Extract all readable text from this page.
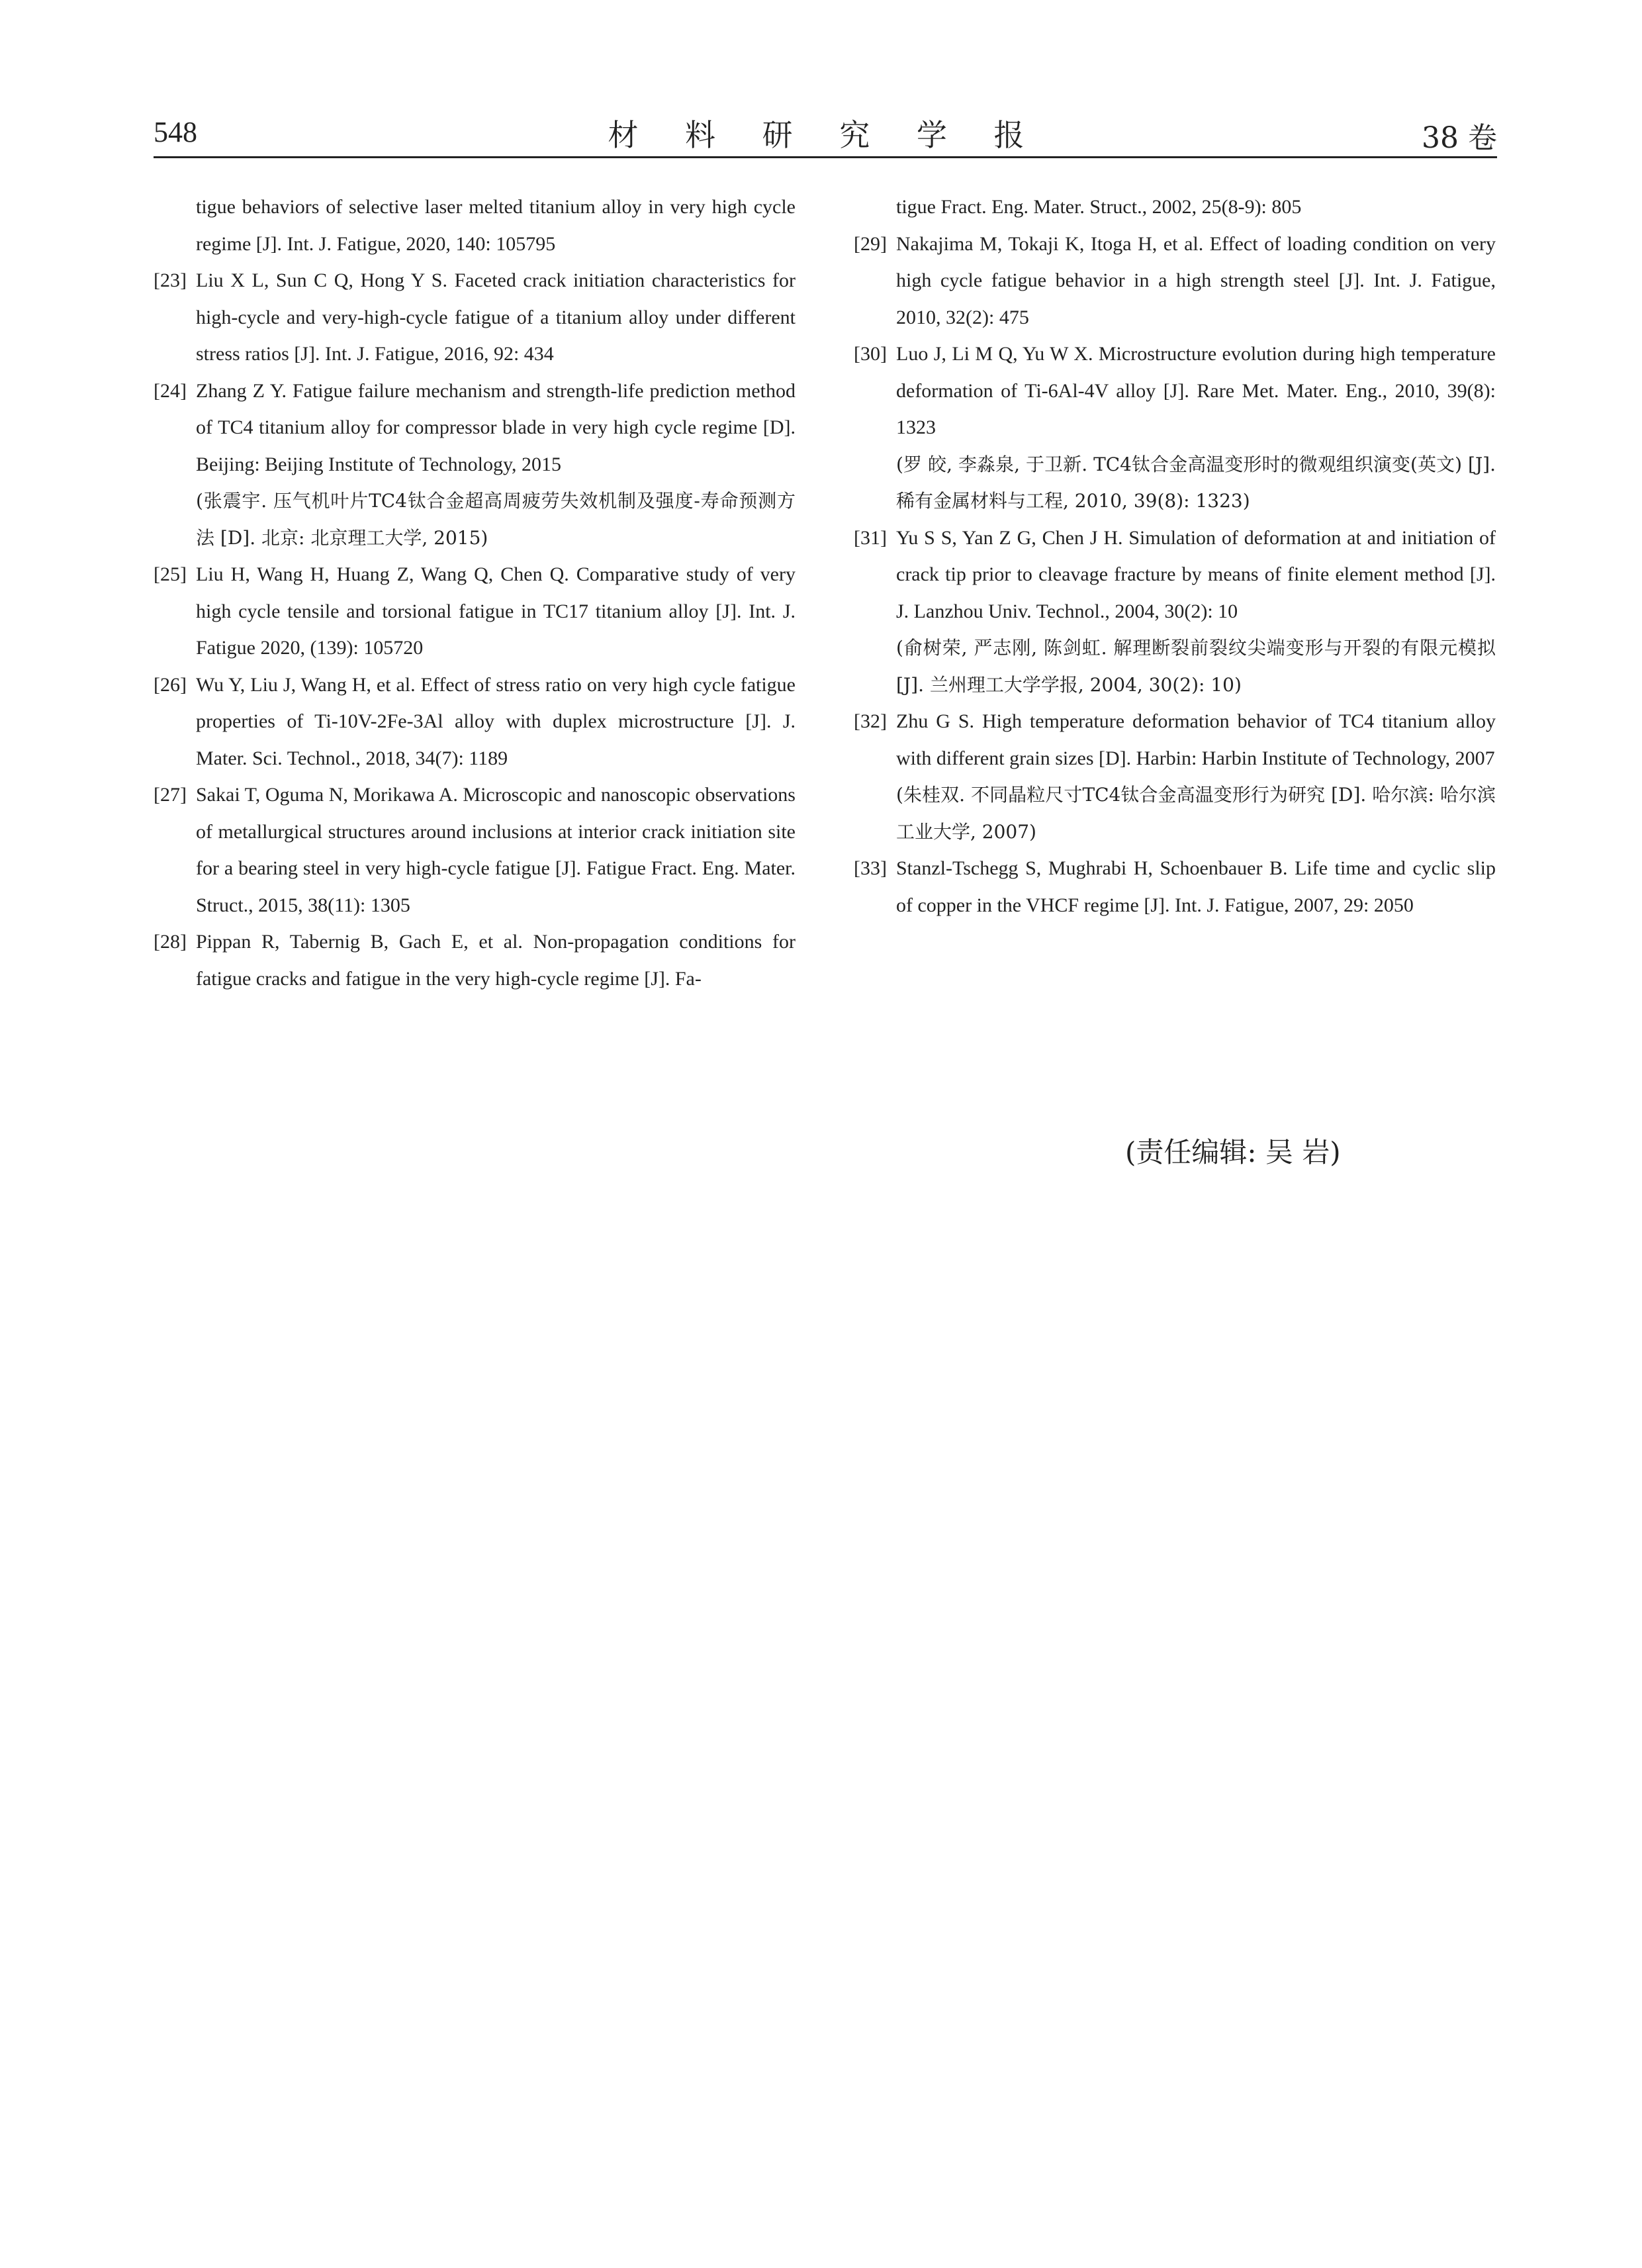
548	材 料 研 究 学 报	38 卷

tigue behaviors of selective laser melted titanium alloy in very high cycle regime [J]. Int. J. Fatigue, 2020, 140: 105795

[23] Liu X L, Sun C Q, Hong Y S. Faceted crack initiation characteristics for high-cycle and very-high-cycle fatigue of a titanium alloy under different stress ratios [J]. Int. J. Fatigue, 2016, 92: 434

[24] Zhang Z Y. Fatigue failure mechanism and strength-life prediction method of TC4 titanium alloy for compressor blade in very high cycle regime [D]. Beijing: Beijing Institute of Technology, 2015
(张震宇. 压气机叶片TC4钛合金超高周疲劳失效机制及强度-寿命预测方法 [D]. 北京: 北京理工大学, 2015)

[25] Liu H, Wang H, Huang Z, Wang Q, Chen Q. Comparative study of very high cycle tensile and torsional fatigue in TC17 titanium alloy [J]. Int. J. Fatigue 2020, (139): 105720

[26] Wu Y, Liu J, Wang H, et al. Effect of stress ratio on very high cycle fatigue properties of Ti-10V-2Fe-3Al alloy with duplex microstructure [J]. J. Mater. Sci. Technol., 2018, 34(7): 1189

[27] Sakai T, Oguma N, Morikawa A. Microscopic and nanoscopic observations of metallurgical structures around inclusions at interior crack initiation site for a bearing steel in very high-cycle fatigue [J]. Fatigue Fract. Eng. Mater. Struct., 2015, 38(11): 1305

[28] Pippan R, Tabernig B, Gach E, et al. Non-propagation conditions for fatigue cracks and fatigue in the very high-cycle regime [J]. Fa-

tigue Fract. Eng. Mater. Struct., 2002, 25(8-9): 805

[29] Nakajima M, Tokaji K, Itoga H, et al. Effect of loading condition on very high cycle fatigue behavior in a high strength steel [J]. Int. J. Fatigue, 2010, 32(2): 475

[30] Luo J, Li M Q, Yu W X. Microstructure evolution during high temperature deformation of Ti-6Al-4V alloy [J]. Rare Met. Mater. Eng., 2010, 39(8): 1323
(罗 皎, 李淼泉, 于卫新. TC4钛合金高温变形时的微观组织演变(英文) [J]. 稀有金属材料与工程, 2010, 39(8): 1323)

[31] Yu S S, Yan Z G, Chen J H. Simulation of deformation at and initiation of crack tip prior to cleavage fracture by means of finite element method [J]. J. Lanzhou Univ. Technol., 2004, 30(2): 10
(俞树荣, 严志刚, 陈剑虹. 解理断裂前裂纹尖端变形与开裂的有限元模拟 [J]. 兰州理工大学学报, 2004, 30(2): 10)

[32] Zhu G S. High temperature deformation behavior of TC4 titanium alloy with different grain sizes [D]. Harbin: Harbin Institute of Technology, 2007
(朱桂双. 不同晶粒尺寸TC4钛合金高温变形行为研究 [D]. 哈尔滨: 哈尔滨工业大学, 2007)

[33] Stanzl-Tschegg S, Mughrabi H, Schoenbauer B. Life time and cyclic slip of copper in the VHCF regime [J]. Int. J. Fatigue, 2007, 29: 2050

(责任编辑: 吴 岩)
